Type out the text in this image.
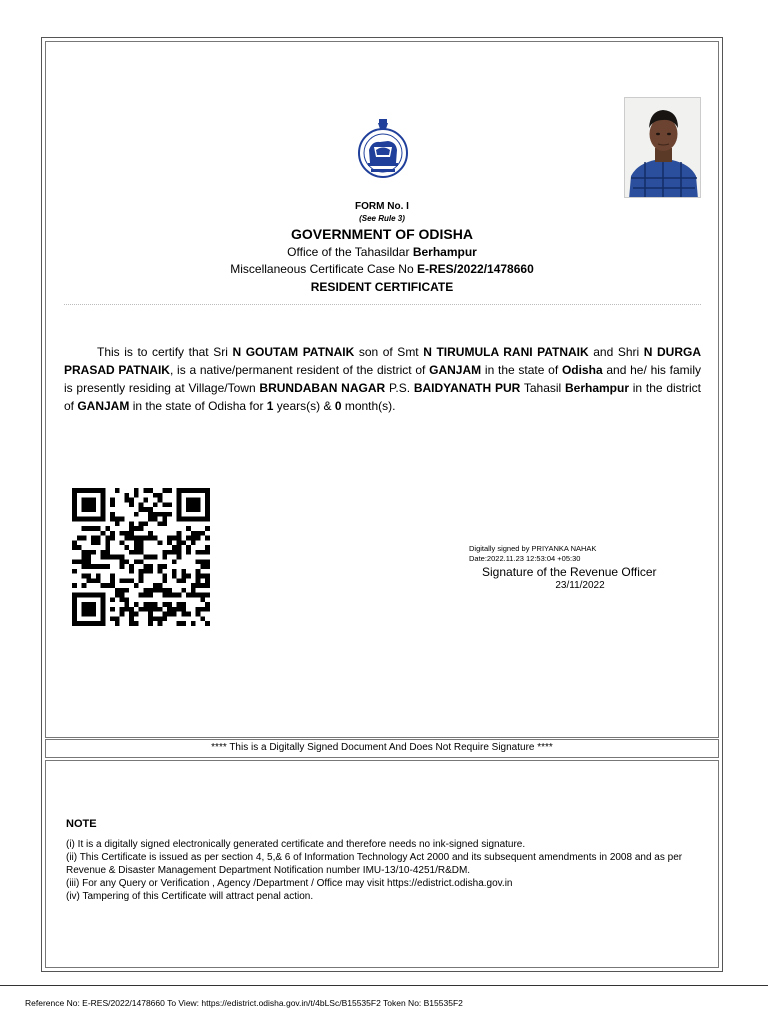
FORM No. I
(See Rule 3)
GOVERNMENT OF ODISHA
Office of the Tahasildar Berhampur
Miscellaneous Certificate Case No E-RES/2022/1478660
RESIDENT CERTIFICATE
This is to certify that Sri N GOUTAM PATNAIK son of Smt N TIRUMULA RANI PATNAIK and Shri N DURGA PRASAD PATNAIK, is a native/permanent resident of the district of GANJAM in the state of Odisha and he/ his family is presently residing at Village/Town BRUNDABAN NAGAR P.S. BAIDYANATH PUR Tahasil Berhampur in the district of GANJAM in the state of Odisha for 1 years(s) & 0 month(s).
Digitally signed by PRIYANKA NAHAK
Date:2022.11.23 12:53:04 +05:30
Signature of the Revenue Officer
23/11/2022
**** This is a Digitally Signed Document And Does Not Require Signature ****
NOTE
(i) It is a digitally signed electronically generated certificate and therefore needs no ink-signed signature.
(ii) This Certificate is issued as per section 4, 5,& 6 of Information Technology Act 2000 and its subsequent amendments in 2008 and as per Revenue & Disaster Management Department Notification number IMU-13/10-4251/R&DM.
(iii) For any Query or Verification , Agency /Department / Office may visit https://edistrict.odisha.gov.in
(iv) Tampering of this Certificate will attract penal action.
Reference No: E-RES/2022/1478660 To View: https://edistrict.odisha.gov.in/t/4bLSc/B15535F2 Token No: B15535F2
